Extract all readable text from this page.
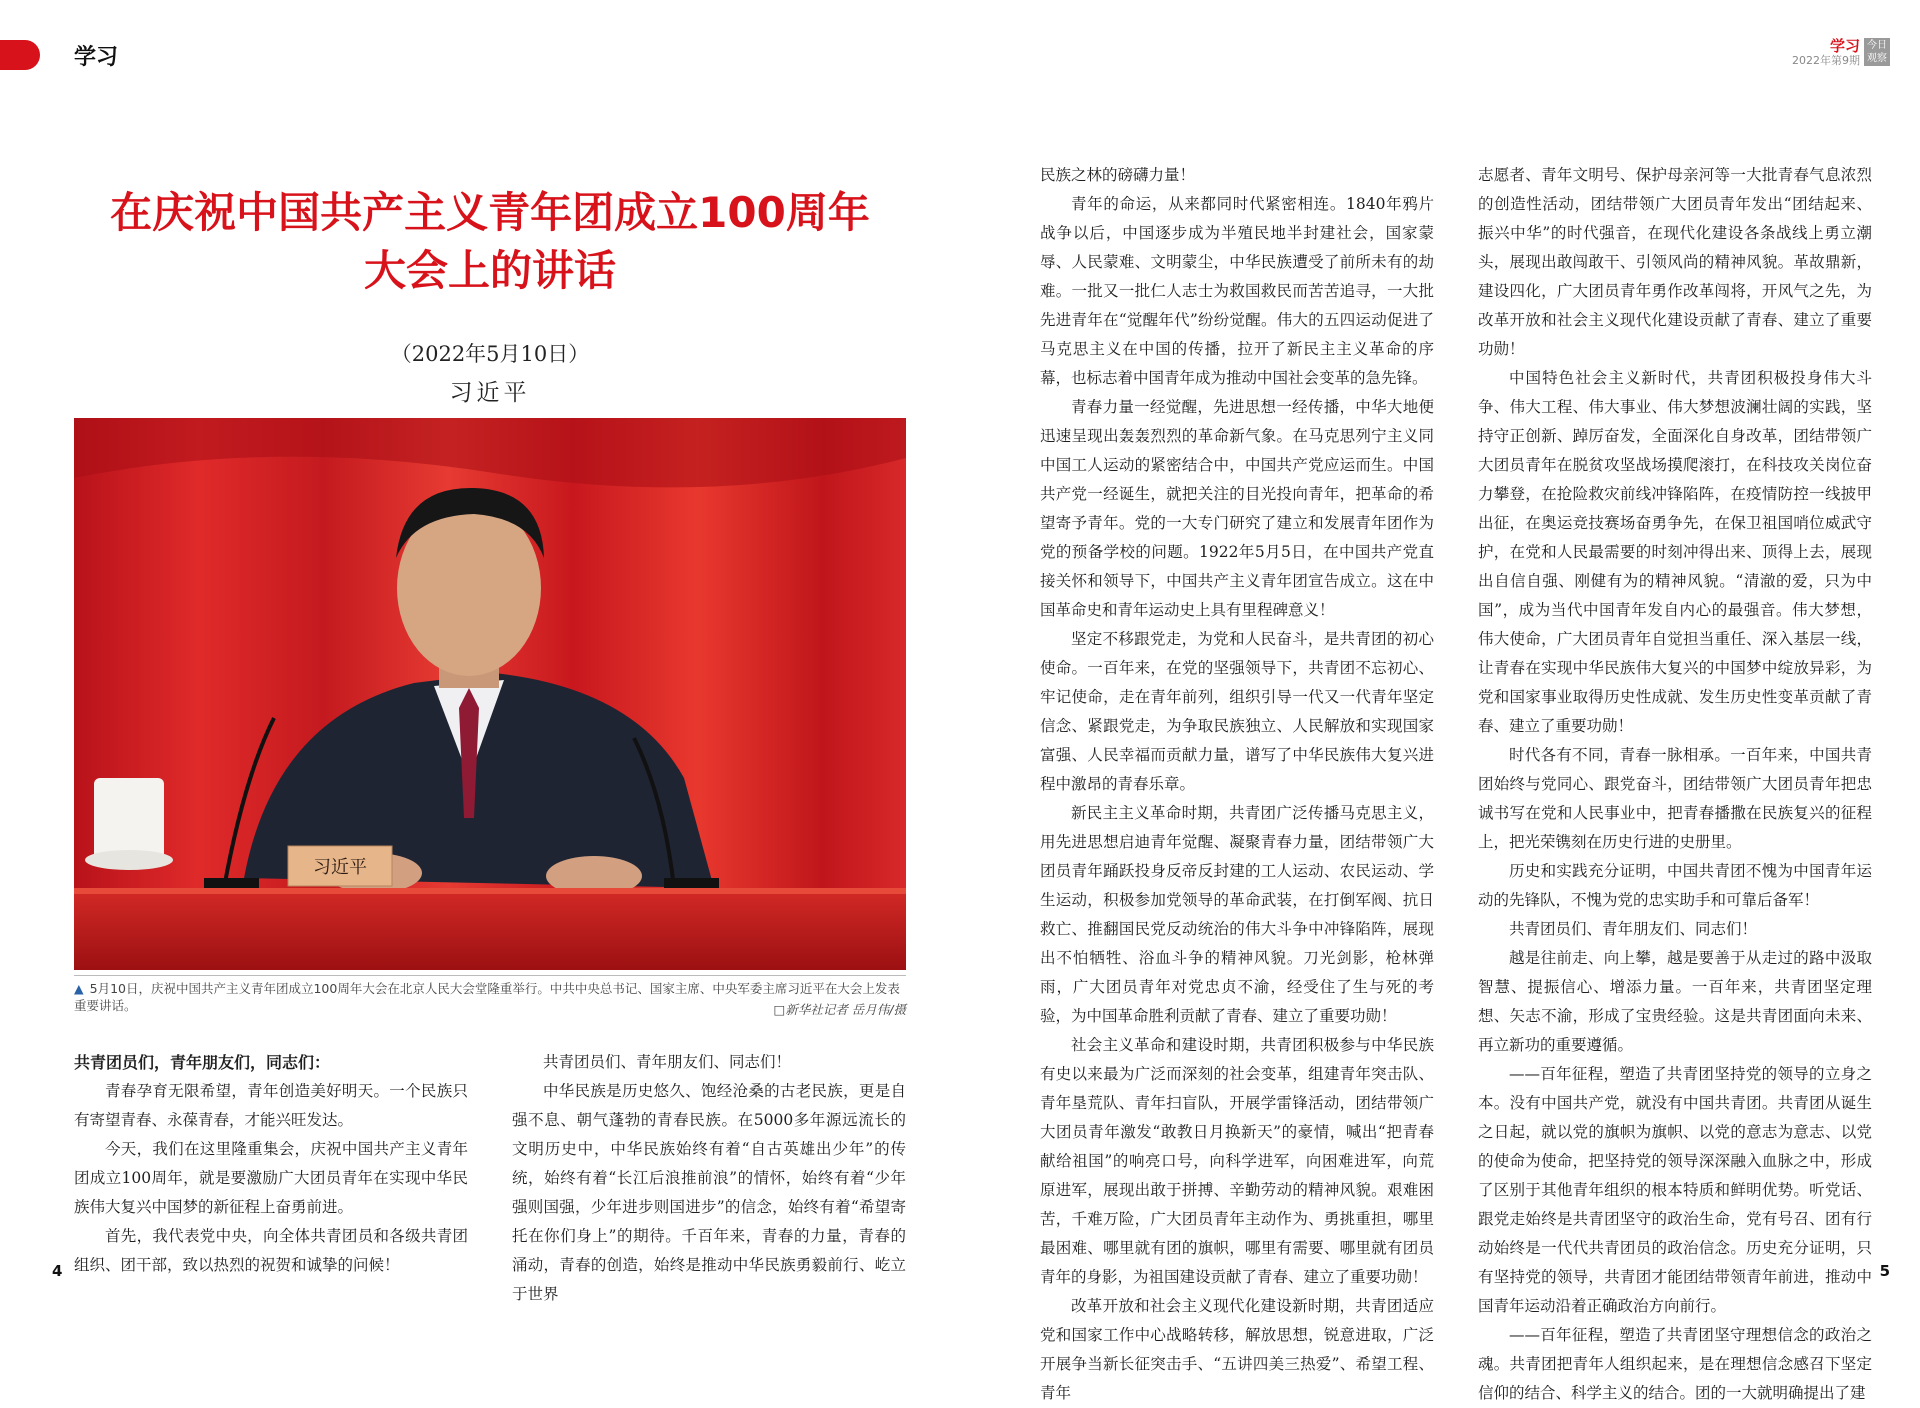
学习	学习
2022年第9期
今日
观察
在庆祝中国共产主义青年团成立100周年
大会上的讲话
（2022年5月10日）
习近平
习近平
▲ 5月10日，庆祝中国共产主义青年团成立100周年大会在北京人民大会堂隆重举行。中共中央总书记、国家主席、中央军委主席习近平在大会上发表重要讲话。	□新华社记者 岳月伟/摄

共青团员们，青年朋友们，同志们：

青春孕育无限希望，青年创造美好明天。一个民族只有寄望青春、永葆青春，才能兴旺发达。

今天，我们在这里隆重集会，庆祝中国共产主义青年团成立100周年，就是要激励广大团员青年在实现中华民族伟大复兴中国梦的新征程上奋勇前进。

首先，我代表党中央，向全体共青团员和各级共青团组织、团干部，致以热烈的祝贺和诚挚的问候！

共青团员们、青年朋友们、同志们！

中华民族是历史悠久、饱经沧桑的古老民族，更是自强不息、朝气蓬勃的青春民族。在5000多年源远流长的文明历史中，中华民族始终有着“自古英雄出少年”的传统，始终有着“长江后浪推前浪”的情怀，始终有着“少年强则国强，少年进步则国进步”的信念，始终有着“希望寄托在你们身上”的期待。千百年来，青春的力量，青春的涌动，青春的创造，始终是推动中华民族勇毅前行、屹立于世界

民族之林的磅礴力量！

青年的命运，从来都同时代紧密相连。1840年鸦片战争以后，中国逐步成为半殖民地半封建社会，国家蒙辱、人民蒙难、文明蒙尘，中华民族遭受了前所未有的劫难。一批又一批仁人志士为救国救民而苦苦追寻，一大批先进青年在“觉醒年代”纷纷觉醒。伟大的五四运动促进了马克思主义在中国的传播，拉开了新民主主义革命的序幕，也标志着中国青年成为推动中国社会变革的急先锋。

青春力量一经觉醒，先进思想一经传播，中华大地便迅速呈现出轰轰烈烈的革命新气象。在马克思列宁主义同中国工人运动的紧密结合中，中国共产党应运而生。中国共产党一经诞生，就把关注的目光投向青年，把革命的希望寄予青年。党的一大专门研究了建立和发展青年团作为党的预备学校的问题。1922年5月5日，在中国共产党直接关怀和领导下，中国共产主义青年团宣告成立。这在中国革命史和青年运动史上具有里程碑意义！

坚定不移跟党走，为党和人民奋斗，是共青团的初心使命。一百年来，在党的坚强领导下，共青团不忘初心、牢记使命，走在青年前列，组织引导一代又一代青年坚定信念、紧跟党走，为争取民族独立、人民解放和实现国家富强、人民幸福而贡献力量，谱写了中华民族伟大复兴进程中激昂的青春乐章。

新民主主义革命时期，共青团广泛传播马克思主义，用先进思想启迪青年觉醒、凝聚青春力量，团结带领广大团员青年踊跃投身反帝反封建的工人运动、农民运动、学生运动，积极参加党领导的革命武装，在打倒军阀、抗日救亡、推翻国民党反动统治的伟大斗争中冲锋陷阵，展现出不怕牺牲、浴血斗争的精神风貌。刀光剑影，枪林弹雨，广大团员青年对党忠贞不渝，经受住了生与死的考验，为中国革命胜利贡献了青春、建立了重要功勋！

社会主义革命和建设时期，共青团积极参与中华民族有史以来最为广泛而深刻的社会变革，组建青年突击队、青年垦荒队、青年扫盲队，开展学雷锋活动，团结带领广大团员青年激发“敢教日月换新天”的豪情，喊出“把青春献给祖国”的响亮口号，向科学进军，向困难进军，向荒原进军，展现出敢于拼搏、辛勤劳动的精神风貌。艰难困苦，千难万险，广大团员青年主动作为、勇挑重担，哪里最困难、哪里就有团的旗帜，哪里有需要、哪里就有团员青年的身影，为祖国建设贡献了青春、建立了重要功勋！

改革开放和社会主义现代化建设新时期，共青团适应党和国家工作中心战略转移，解放思想，锐意进取，广泛开展争当新长征突击手、“五讲四美三热爱”、希望工程、青年

志愿者、青年文明号、保护母亲河等一大批青春气息浓烈的创造性活动，团结带领广大团员青年发出“团结起来、振兴中华”的时代强音，在现代化建设各条战线上勇立潮头，展现出敢闯敢干、引领风尚的精神风貌。革故鼎新，建设四化，广大团员青年勇作改革闯将，开风气之先，为改革开放和社会主义现代化建设贡献了青春、建立了重要功勋！

中国特色社会主义新时代，共青团积极投身伟大斗争、伟大工程、伟大事业、伟大梦想波澜壮阔的实践，坚持守正创新、踔厉奋发，全面深化自身改革，团结带领广大团员青年在脱贫攻坚战场摸爬滚打，在科技攻关岗位奋力攀登，在抢险救灾前线冲锋陷阵，在疫情防控一线披甲出征，在奥运竞技赛场奋勇争先，在保卫祖国哨位威武守护，在党和人民最需要的时刻冲得出来、顶得上去，展现出自信自强、刚健有为的精神风貌。“清澈的爱，只为中国”，成为当代中国青年发自内心的最强音。伟大梦想，伟大使命，广大团员青年自觉担当重任、深入基层一线，让青春在实现中华民族伟大复兴的中国梦中绽放异彩，为党和国家事业取得历史性成就、发生历史性变革贡献了青春、建立了重要功勋！

时代各有不同，青春一脉相承。一百年来，中国共青团始终与党同心、跟党奋斗，团结带领广大团员青年把忠诚书写在党和人民事业中，把青春播撒在民族复兴的征程上，把光荣镌刻在历史行进的史册里。

历史和实践充分证明，中国共青团不愧为中国青年运动的先锋队，不愧为党的忠实助手和可靠后备军！

共青团员们、青年朋友们、同志们！

越是往前走、向上攀，越是要善于从走过的路中汲取智慧、提振信心、增添力量。一百年来，共青团坚定理想、矢志不渝，形成了宝贵经验。这是共青团面向未来、再立新功的重要遵循。

——百年征程，塑造了共青团坚持党的领导的立身之本。没有中国共产党，就没有中国共青团。共青团从诞生之日起，就以党的旗帜为旗帜、以党的意志为意志、以党的使命为使命，把坚持党的领导深深融入血脉之中，形成了区别于其他青年组织的根本特质和鲜明优势。听党话、跟党走始终是共青团坚守的政治生命，党有号召、团有行动始终是一代代共青团员的政治信念。历史充分证明，只有坚持党的领导，共青团才能团结带领青年前进，推动中国青年运动沿着正确政治方向前行。

——百年征程，塑造了共青团坚守理想信念的政治之魂。共青团把青年人组织起来，是在理想信念感召下坚定信仰的结合、科学主义的结合。团的一大就明确提出了建

4	5
